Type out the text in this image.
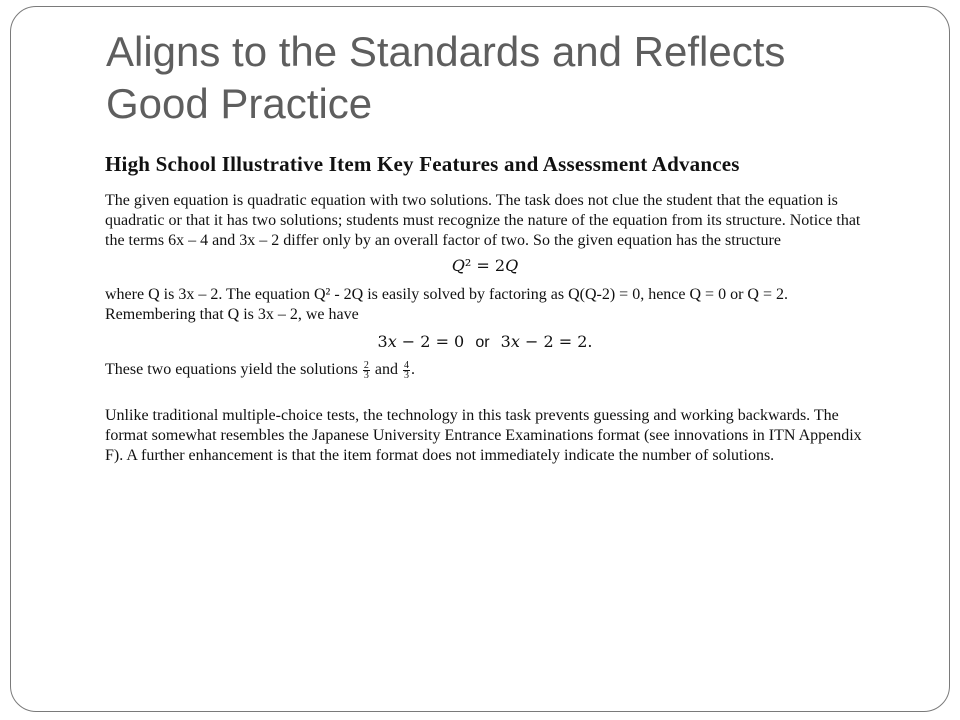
Aligns to the Standards and Reflects
Good Practice

High School Illustrative Item Key Features and Assessment Advances

The given equation is quadratic equation with two solutions. The task does not clue the student that the equation is quadratic or that it has two solutions; students must recognize the nature of the equation from its structure. Notice that the terms 6x – 4 and 3x – 2 differ only by an overall factor of two. So the given equation has the structure

𝑄² = 2𝑄

where Q is 3x – 2. The equation Q² - 2Q is easily solved by factoring as Q(Q-2) = 0, hence Q = 0 or Q = 2. Remembering that Q is 3x – 2, we have

3𝑥 − 2 = 0 or 3𝑥 − 2 = 2.

These two equations yield the solutions $\frac{2}{3}$ and $\frac{4}{3}$ .

Unlike traditional multiple-choice tests, the technology in this task prevents guessing and working backwards. The format somewhat resembles the Japanese University Entrance Examinations format (see innovations in ITN Appendix F). A further enhancement is that the item format does not immediately indicate the number of solutions.
